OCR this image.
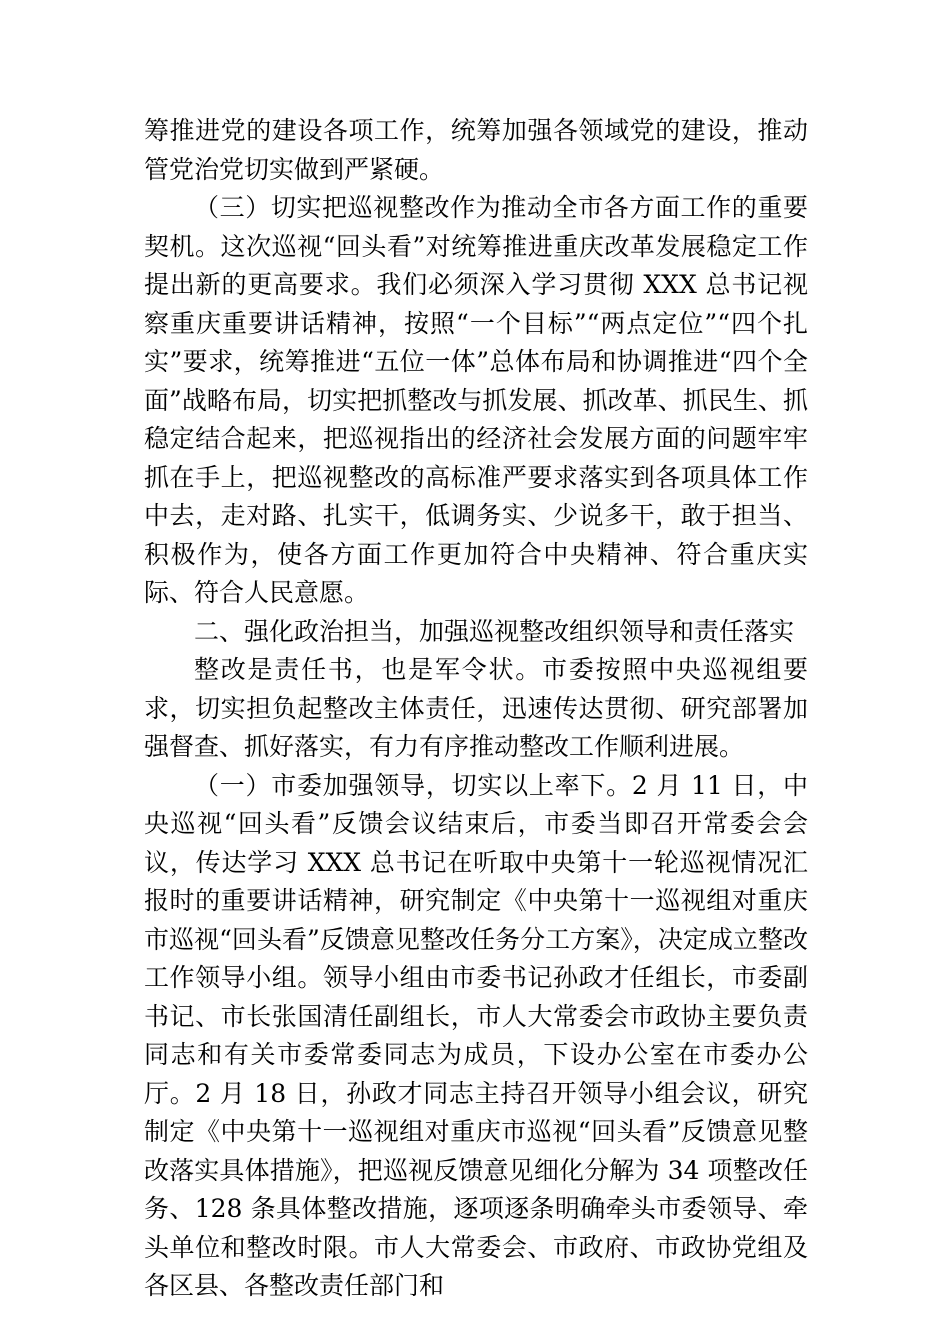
筹推进党的建设各项工作，统筹加强各领域党的建设，推动管党治党切实做到严紧硬。

（三）切实把巡视整改作为推动全市各方面工作的重要契机。这次巡视“回头看”对统筹推进重庆改革发展稳定工作提出新的更高要求。我们必须深入学习贯彻 XXX 总书记视察重庆重要讲话精神，按照“一个目标”“两点定位”“四个扎实”要求，统筹推进“五位一体”总体布局和协调推进“四个全面”战略布局，切实把抓整改与抓发展、抓改革、抓民生、抓稳定结合起来，把巡视指出的经济社会发展方面的问题牢牢抓在手上，把巡视整改的高标准严要求落实到各项具体工作中去，走对路、扎实干，低调务实、少说多干，敢于担当、积极作为，使各方面工作更加符合中央精神、符合重庆实际、符合人民意愿。

二、强化政治担当，加强巡视整改组织领导和责任落实

整改是责任书，也是军令状。市委按照中央巡视组要求，切实担负起整改主体责任，迅速传达贯彻、研究部署加强督查、抓好落实，有力有序推动整改工作顺利进展。

（一）市委加强领导，切实以上率下。2 月 11 日，中央巡视“回头看”反馈会议结束后，市委当即召开常委会会议，传达学习 XXX 总书记在听取中央第十一轮巡视情况汇报时的重要讲话精神，研究制定《中央第十一巡视组对重庆市巡视“回头看”反馈意见整改任务分工方案》，决定成立整改工作领导小组。领导小组由市委书记孙政才任组长，市委副书记、市长张国清任副组长，市人大常委会市政协主要负责同志和有关市委常委同志为成员，下设办公室在市委办公厅。2 月 18 日，孙政才同志主持召开领导小组会议，研究制定《中央第十一巡视组对重庆市巡视“回头看”反馈意见整改落实具体措施》，把巡视反馈意见细化分解为 34 项整改任务、128 条具体整改措施，逐项逐条明确牵头市委领导、牵头单位和整改时限。市人大常委会、市政府、市政协党组及各区县、各整改责任部门和
